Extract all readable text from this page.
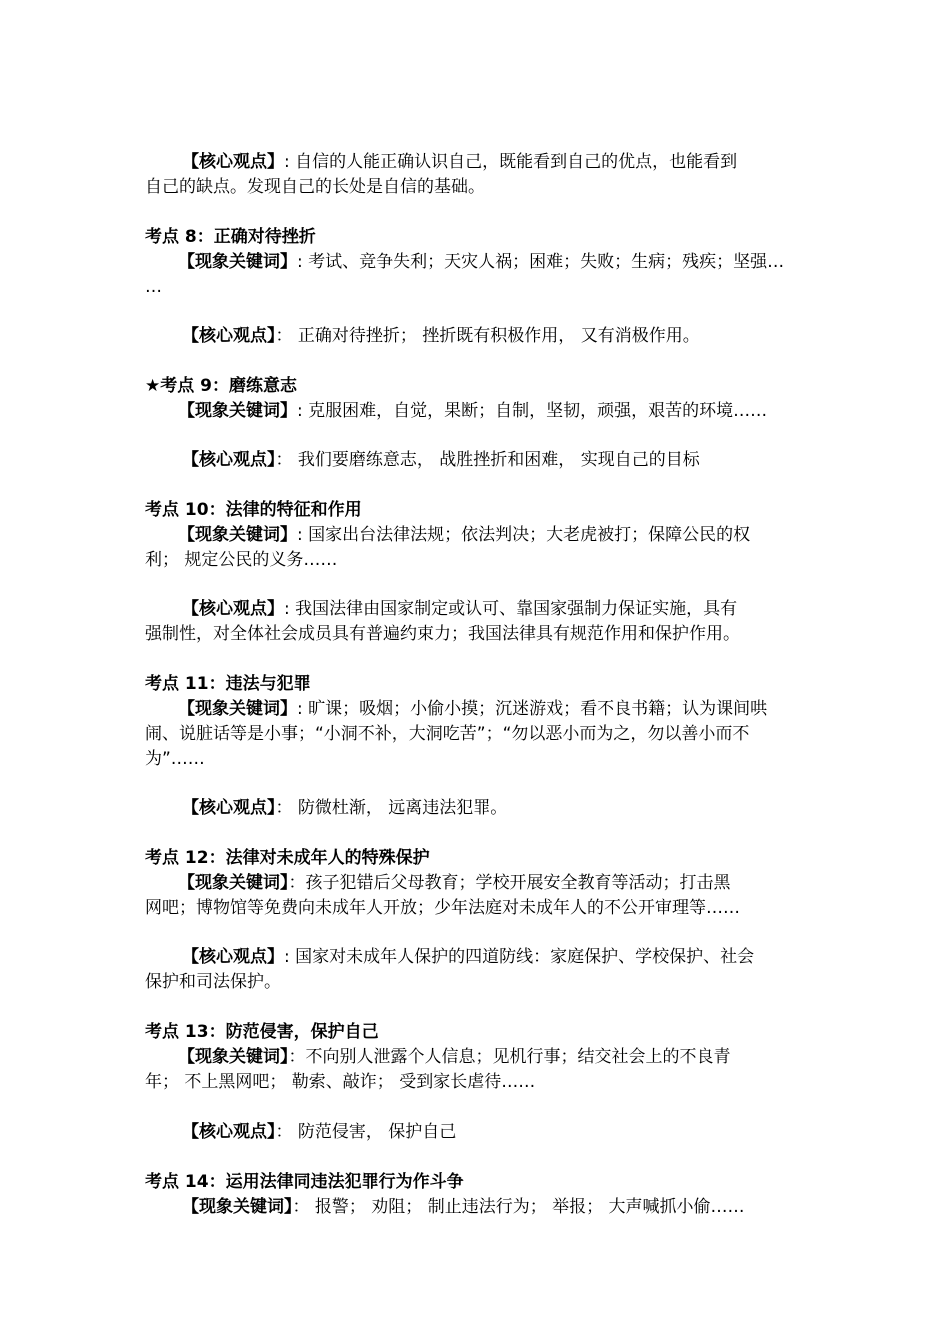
【核心观点】: 自信的人能正确认识自己，既能看到自己的优点，也能看到
自己的缺点。发现自己的长处是自信的基础。
考点 8：正确对待挫折
【现象关键词】: 考试、竞争失利；天灾人祸；困难；失败；生病；残疾；坚强…
…
【核心观点】： 正确对待挫折； 挫折既有积极作用， 又有消极作用。
★考点 9：磨练意志
【现象关键词】: 克服困难，自觉，果断；自制，坚韧，顽强，艰苦的环境……
【核心观点】： 我们要磨练意志， 战胜挫折和困难， 实现自己的目标
考点 10：法律的特征和作用
【现象关键词】: 国家出台法律法规；依法判决；大老虎被打；保障公民的权
利； 规定公民的义务……
【核心观点】: 我国法律由国家制定或认可、靠国家强制力保证实施，具有
强制性，对全体社会成员具有普遍约束力；我国法律具有规范作用和保护作用。
考点 11：违法与犯罪
【现象关键词】: 旷课；吸烟；小偷小摸；沉迷游戏；看不良书籍；认为课间哄
闹、说脏话等是小事；“小洞不补，大洞吃苦”；“勿以恶小而为之，勿以善小而不
为”……
【核心观点】： 防微杜渐， 远离违法犯罪。
考点 12：法律对未成年人的特殊保护
【现象关键词】：孩子犯错后父母教育；学校开展安全教育等活动；打击黑
网吧；博物馆等免费向未成年人开放；少年法庭对未成年人的不公开审理等……
【核心观点】: 国家对未成年人保护的四道防线：家庭保护、学校保护、社会
保护和司法保护。
考点 13：防范侵害，保护自己
【现象关键词】：不向别人泄露个人信息；见机行事；结交社会上的不良青
年； 不上黑网吧； 勒索、敲诈； 受到家长虐待……
【核心观点】： 防范侵害， 保护自己
考点 14：运用法律同违法犯罪行为作斗争
【现象关键词】： 报警； 劝阻； 制止违法行为； 举报； 大声喊抓小偷……
